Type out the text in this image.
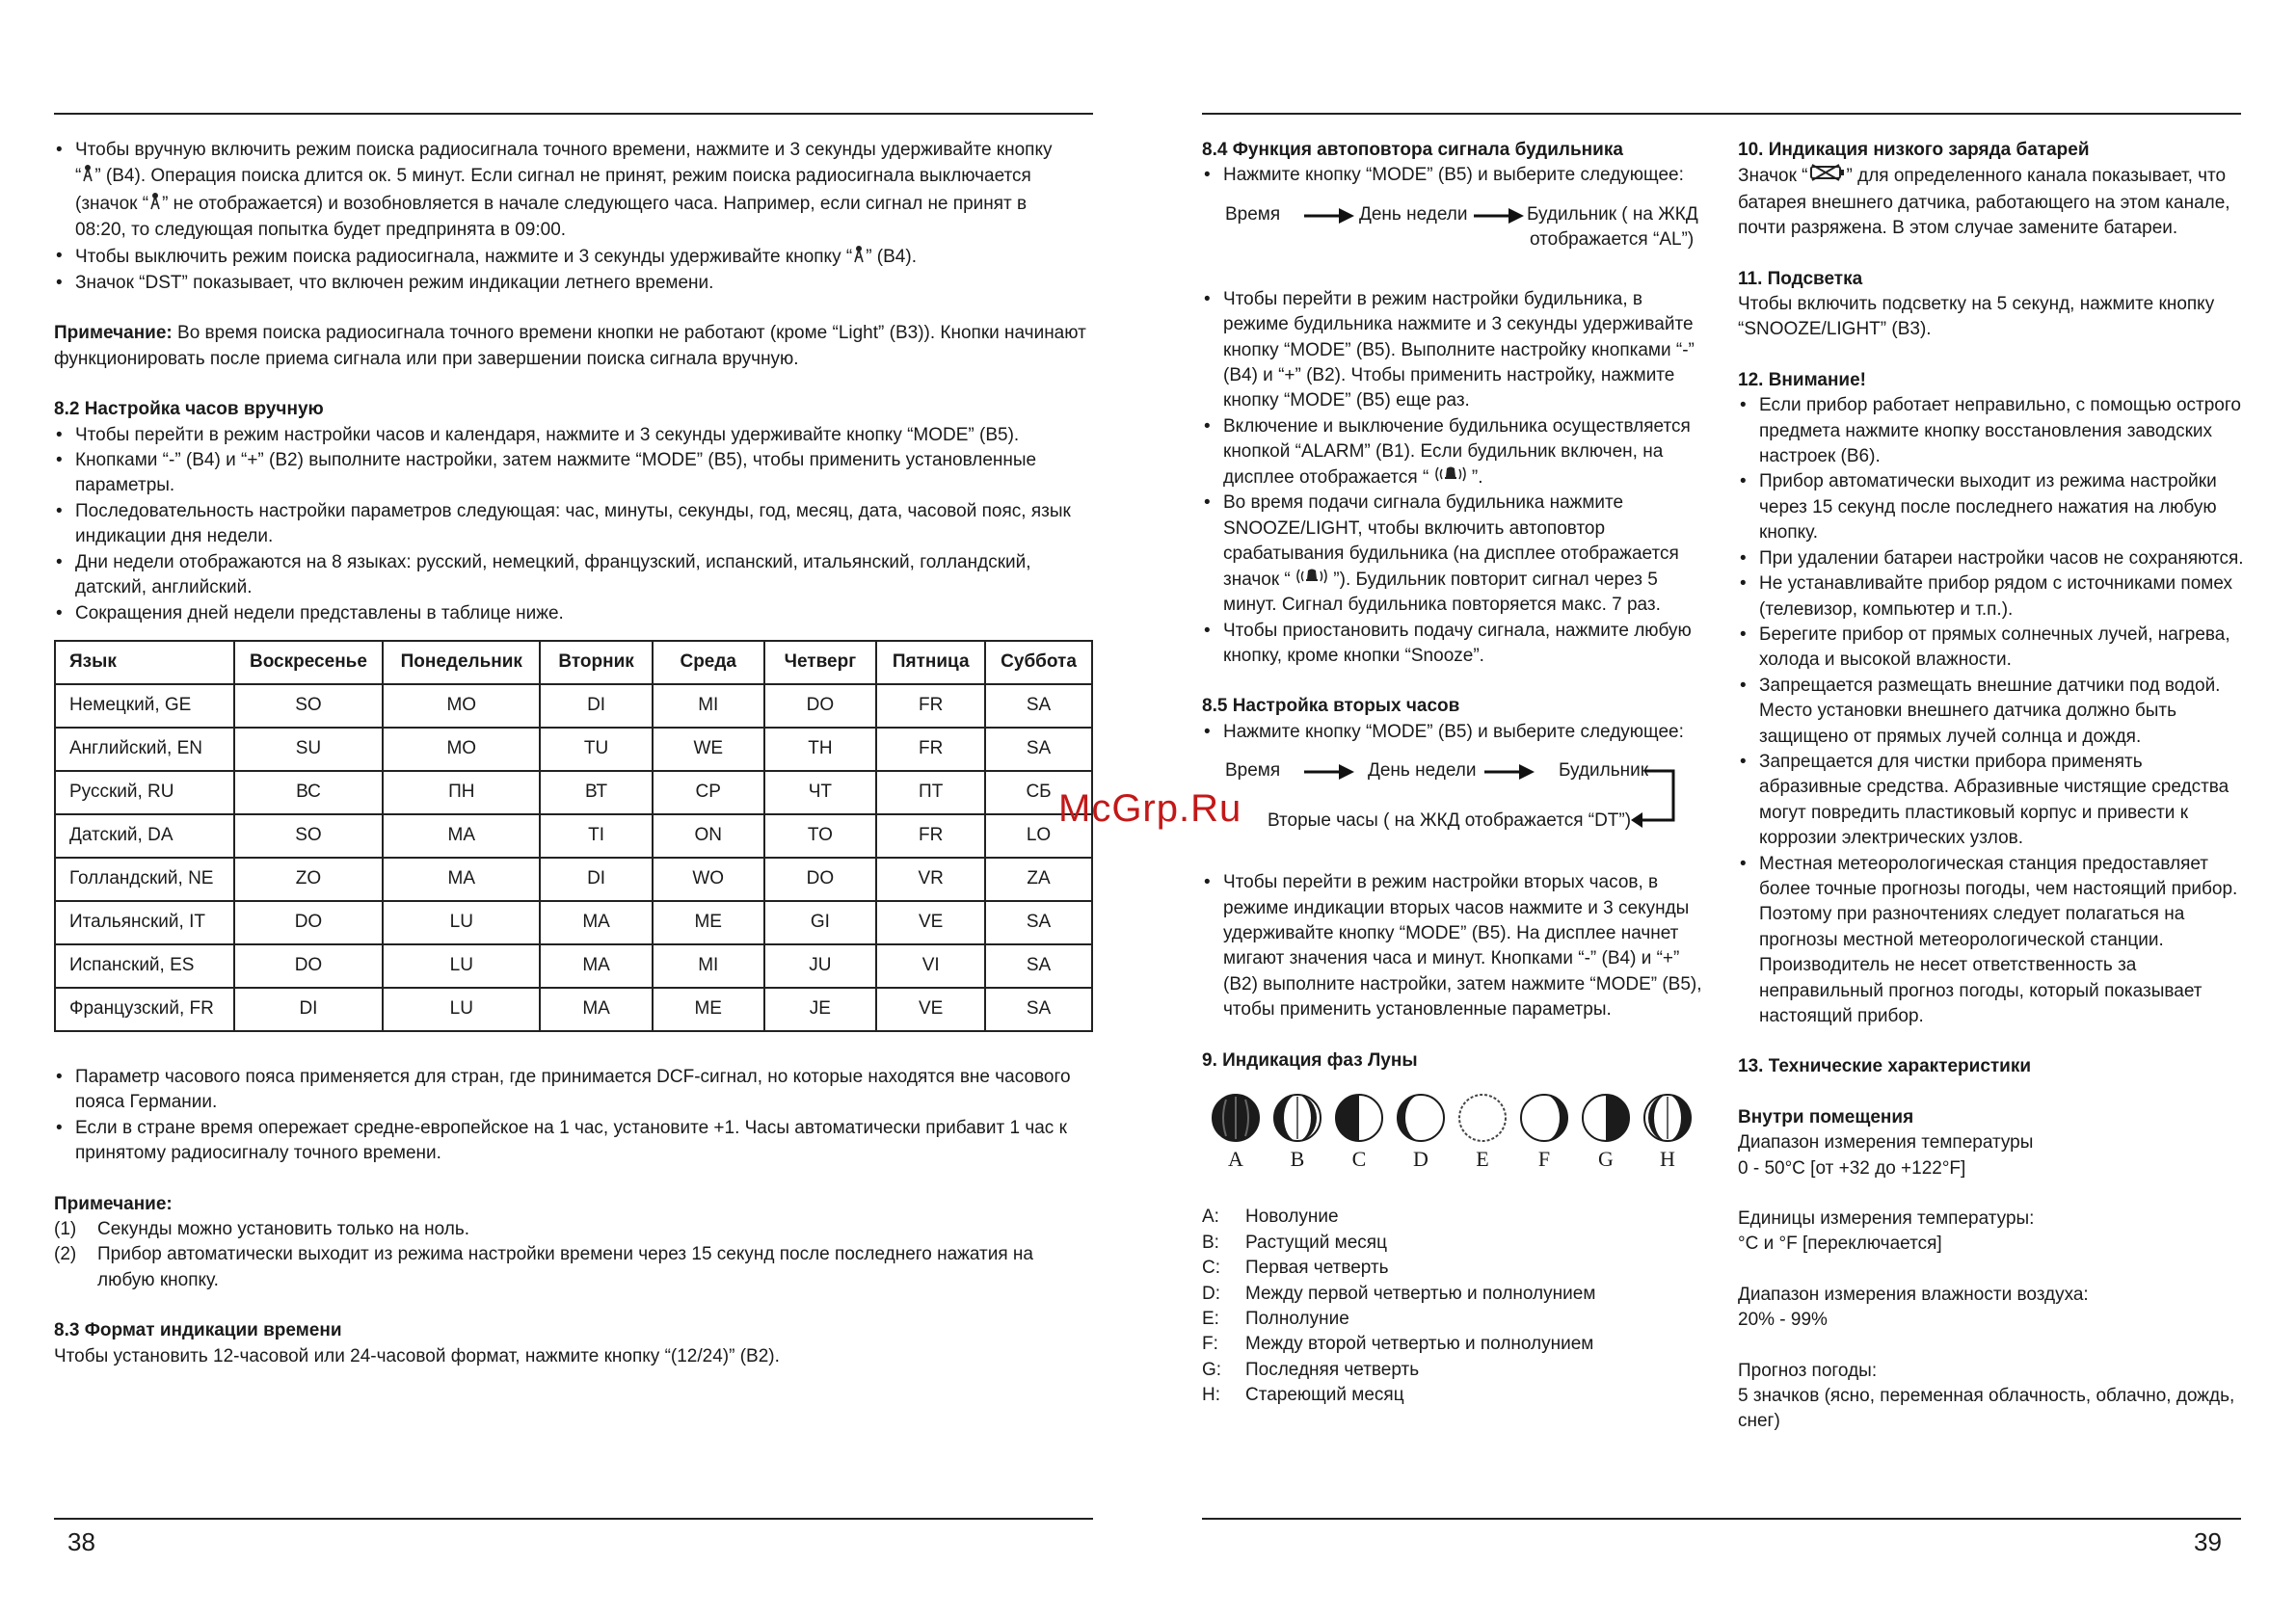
• Чтобы вручную включить режим поиска радиосигнала точного времени, нажмите и 3 секунды удерживайте кнопку
“ ” (B4). Операция поиска длится ок. 5 минут. Если сигнал не принят, режим поиска радиосигнала выключается
(значок “ ” не отображается) и возобновляется в начале следующего часа. Например, если сигнал не принят в
08:20, то следующая попытка будет предпринята в 09:00.
• Чтобы выключить режим поиска радиосигнала, нажмите и 3 секунды удерживайте кнопку “ ” (B4).
• Значок “DST” показывает, что включен режим индикации летнего времени.

Примечание: Во время поиска радиосигнала точного времени кнопки не работают (кроме “Light” (B3)). Кнопки начинают функционировать после приема сигнала или при завершении поиска сигнала вручную.

8.2 Настройка часов вручную

• Чтобы перейти в режим настройки часов и календаря, нажмите и 3 секунды удерживайте кнопку “MODE” (B5).
• Кнопками “-” (B4) и “+” (B2) выполните настройки, затем нажмите “MODE” (B5), чтобы применить установленные параметры.
• Последовательность настройки параметров следующая: час, минуты, секунды, год, месяц, дата, часовой пояс, язык индикации дня недели.
• Дни недели отображаются на 8 языках: русский, немецкий, французский, испанский, итальянский, голландский, датский, английский.
• Сокращения дней недели представлены в таблице ниже.
Язык	Воскресенье	Понедельник	Вторник	Среда	Четверг	Пятница	Суббота
Немецкий, GE	SO	MO	DI	MI	DO	FR	SA
Английский, EN	SU	MO	TU	WE	TH	FR	SA
Русский, RU	ВС	ПН	ВТ	СР	ЧТ	ПТ	СБ
Датский, DA	SO	MA	TI	ON	TO	FR	LO
Голландский, NE	ZO	MA	DI	WO	DO	VR	ZA
Итальянский, IT	DO	LU	MA	ME	GI	VE	SA
Испанский, ES	DO	LU	MA	MI	JU	VI	SA
Французский, FR	DI	LU	MA	ME	JE	VE	SA
• Параметр часового пояса применяется для стран, где принимается DCF-сигнал, но которые находятся вне часового пояса Германии.
• Если в стране время опережает средне-европейское на 1 час, установите +1. Часы автоматически прибавит 1 час к принятому радиосигналу точного времени.

Примечание:

(1)	Секунды можно установить только на ноль.
(2)	Прибор автоматически выходит из режима настройки времени через 15 секунд после последнего нажатия на любую кнопку.

8.3 Формат индикации времени

Чтобы установить 12-часовой или 24-часовой формат, нажмите кнопку “(12/24)” (B2).

38

8.4 Функция автоповтора сигнала будильника

• Нажмите кнопку “MODE” (B5) и выберите следующее:
Время	День недели	Будильник ( на ЖКД
отображается “AL”)
• Чтобы перейти в режим настройки будильника, в режиме будильника нажмите и 3 секунды удерживайте кнопку “MODE” (B5). Выполните настройку кнопками “-” (B4) и “+” (B2). Чтобы применить настройку, нажмите кнопку “MODE” (B5) еще раз.
• Включение и выключение будильника осуществляется кнопкой “ALARM” (B1). Если будильник включен, на дисплее отображается “  ”.
• Во время подачи сигнала будильника нажмите SNOOZE/LIGHT, чтобы включить автоповтор срабатывания будильника (на дисплее отображается значок “  ”). Будильник повторит сигнал через 5 минут. Сигнал будильника повторяется макс. 7 раз.
• Чтобы приостановить подачу сигнала, нажмите любую кнопку, кроме кнопки “Snooze”.

8.5 Настройка вторых часов

• Нажмите кнопку “MODE” (B5) и выберите следующее:
Время	День недели	Будильник
Вторые часы ( на ЖКД отображается “DT”)
• Чтобы перейти в режим настройки вторых часов, в режиме индикации вторых часов нажмите и 3 секунды удерживайте кнопку “MODE” (B5). На дисплее начнет мигают значения часа и минут. Кнопками “-” (B4) и “+” (B2) выполните настройки, затем нажмите “MODE” (B5), чтобы применить установленные параметры.

9. Индикация фаз Луны

A	B	C	D	E	F	G	H
A:	Новолуние
B:	Растущий месяц
C:	Первая четверть
D:	Между первой четвертью и полнолунием
E:	Полнолуние
F:	Между второй четвертью и полнолунием
G:	Последняя четверть
H:	Стареющий месяц

10. Индикация низкого заряда батарей

Значок “ ” для определенного канала показывает, что батарея внешнего датчика, работающего на этом канале, почти разряжена. В этом случае замените батареи.

11. Подсветка

Чтобы включить подсветку на 5 секунд, нажмите кнопку “SNOOZE/LIGHT” (B3).

12. Внимание!

• Если прибор работает неправильно, с помощью острого предмета нажмите кнопку восстановления заводских настроек (B6).
• Прибор автоматически выходит из режима настройки через 15 секунд после последнего нажатия на любую кнопку.
• При удалении батареи настройки часов не сохраняются.
• Не устанавливайте прибор рядом с источниками помех (телевизор, компьютер и т.п.).
• Берегите прибор от прямых солнечных лучей, нагрева, холода и высокой влажности.
• Запрещается размещать внешние датчики под водой. Место установки внешнего датчика должно быть защищено от прямых лучей солнца и дождя.
• Запрещается для чистки прибора применять абразивные средства. Абразивные чистящие средства могут повредить пластиковый корпус и привести к коррозии электрических узлов.
• Местная метеорологическая станция предоставляет более точные прогнозы погоды, чем настоящий прибор. Поэтому при разночтениях следует полагаться на прогнозы местной метеорологической станции. Производитель не несет ответственность за неправильный прогноз погоды, который показывает настоящий прибор.

13. Технические характеристики

Внутри помещения

Диапазон измерения температуры

0 - 50°С [от +32 до +122°F]

Единицы измерения температуры:

°С и °F [переключается]

Диапазон измерения влажности воздуха:

20% - 99%

Прогноз погоды:

5 значков (ясно, переменная облачность, облачно, дождь, снег)

39
McGrp.Ru
